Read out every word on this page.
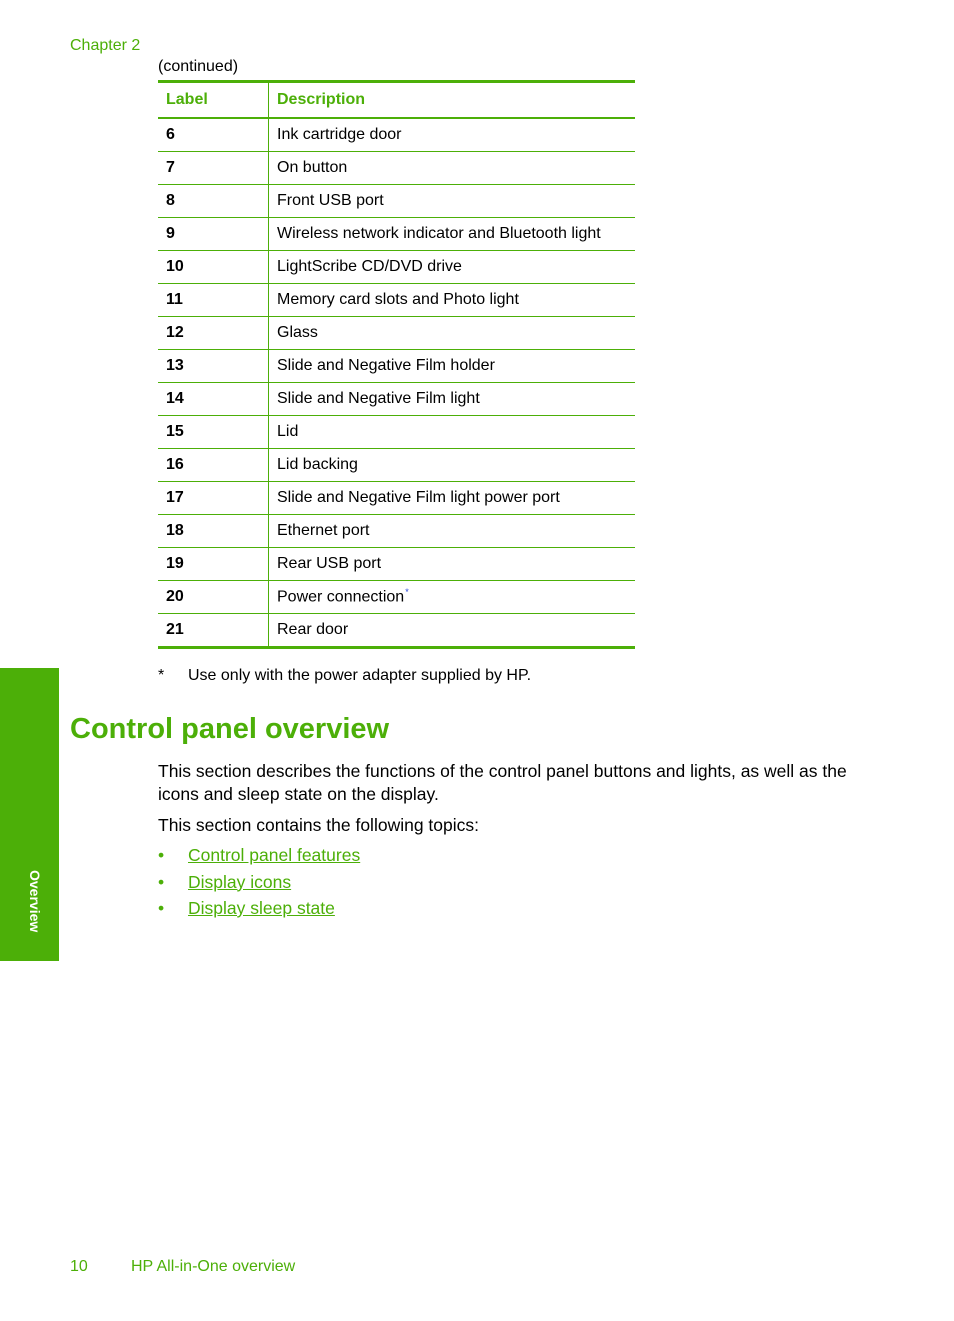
Chapter 2
(continued)
Label	Description
6	Ink cartridge door
7	On button
8	Front USB port
9	Wireless network indicator and Bluetooth light
10	LightScribe CD/DVD drive
11	Memory card slots and Photo light
12	Glass
13	Slide and Negative Film holder
14	Slide and Negative Film light
15	Lid
16	Lid backing
17	Slide and Negative Film light power port
18	Ethernet port
19	Rear USB port
20	Power connection*
21	Rear door
* Use only with the power adapter supplied by HP.
Overview
Control panel overview

This section describes the functions of the control panel buttons and lights, as well as the icons and sleep state on the display.

This section contains the following topics:

• Control panel features
• Display icons
• Display sleep state
10	HP All-in-One overview
